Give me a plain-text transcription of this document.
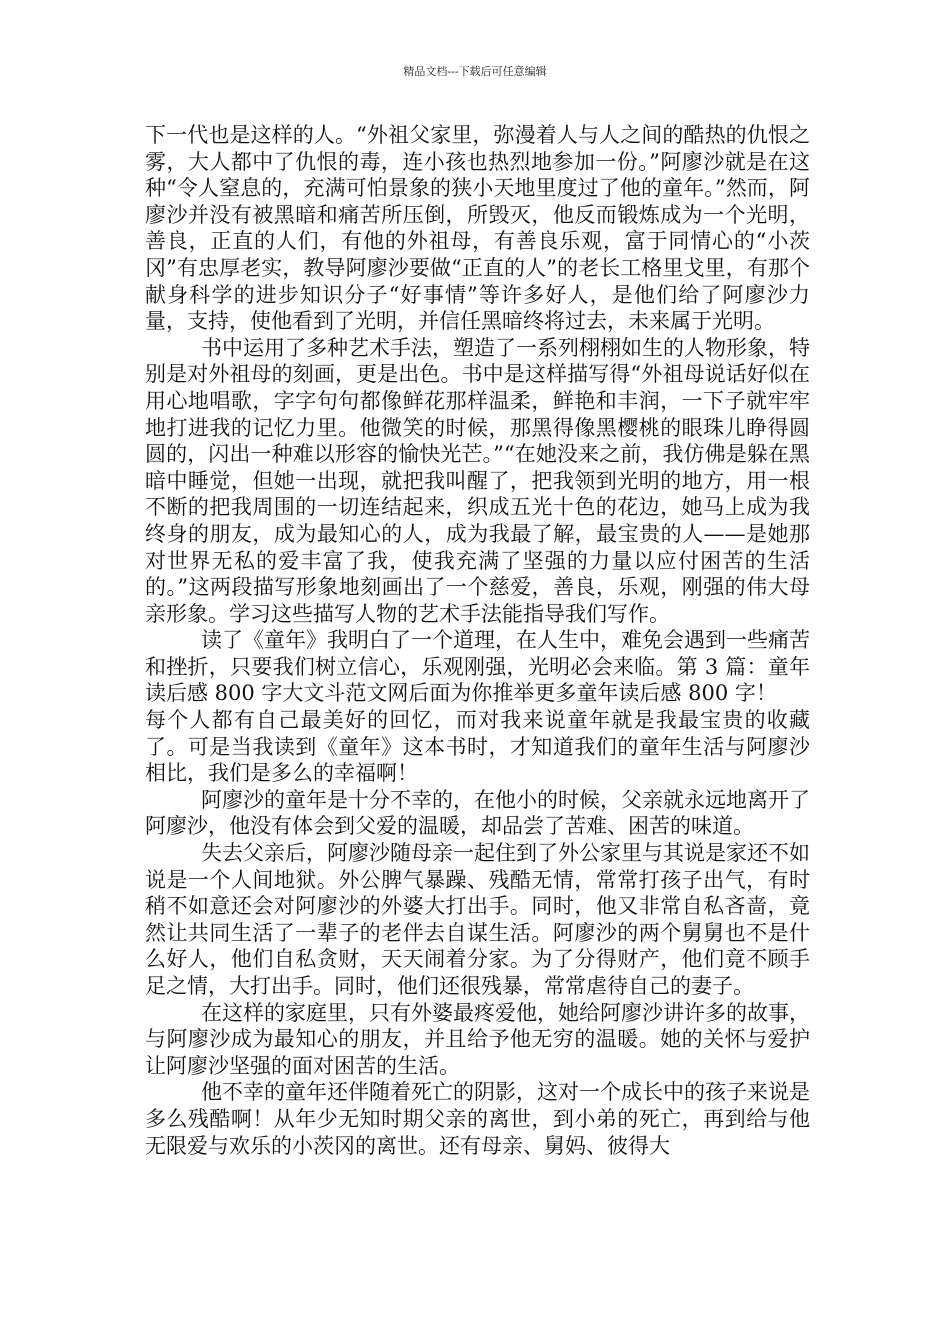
精品文档---下载后可任意编辑

下一代也是这样的人。“外祖父家里，弥漫着人与人之间的酷热的仇恨之雾，大人都中了仇恨的毒，连小孩也热烈地参加一份。”阿廖沙就是在这种“令人窒息的，充满可怕景象的狭小天地里度过了他的童年。”然而，阿廖沙并没有被黑暗和痛苦所压倒，所毁灭，他反而锻炼成为一个光明，善良，正直的人们，有他的外祖母，有善良乐观，富于同情心的“小茨冈”有忠厚老实，教导阿廖沙要做“正直的人”的老长工格里戈里，有那个献身科学的进步知识分子“好事情”等许多好人，是他们给了阿廖沙力量，支持，使他看到了光明，并信任黑暗终将过去，未来属于光明。

书中运用了多种艺术手法，塑造了一系列栩栩如生的人物形象，特别是对外祖母的刻画，更是出色。书中是这样描写得“外祖母说话好似在用心地唱歌，字字句句都像鲜花那样温柔，鲜艳和丰润，一下子就牢牢地打进我的记忆力里。他微笑的时候，那黑得像黑樱桃的眼珠儿睁得圆圆的，闪出一种难以形容的愉快光芒。”“在她没来之前，我仿佛是躲在黑暗中睡觉，但她一出现，就把我叫醒了，把我领到光明的地方，用一根不断的把我周围的一切连结起来，织成五光十色的花边，她马上成为我终身的朋友，成为最知心的人，成为我最了解，最宝贵的人——是她那对世界无私的爱丰富了我，使我充满了坚强的力量以应付困苦的生活的。”这两段描写形象地刻画出了一个慈爱，善良，乐观，刚强的伟大母亲形象。学习这些描写人物的艺术手法能指导我们写作。

读了《童年》我明白了一个道理，在人生中，难免会遇到一些痛苦和挫折，只要我们树立信心，乐观刚强，光明必会来临。第 3 篇：童年读后感 800 字大文斗范文网后面为你推举更多童年读后感 800 字！

每个人都有自己最美好的回忆，而对我来说童年就是我最宝贵的收藏了。可是当我读到《童年》这本书时，才知道我们的童年生活与阿廖沙相比，我们是多么的幸福啊！

阿廖沙的童年是十分不幸的，在他小的时候，父亲就永远地离开了阿廖沙，他没有体会到父爱的温暖，却品尝了苦难、困苦的味道。

失去父亲后，阿廖沙随母亲一起住到了外公家里与其说是家还不如说是一个人间地狱。外公脾气暴躁、残酷无情，常常打孩子出气，有时稍不如意还会对阿廖沙的外婆大打出手。同时，他又非常自私吝啬，竟然让共同生活了一辈子的老伴去自谋生活。阿廖沙的两个舅舅也不是什么好人，他们自私贪财，天天闹着分家。为了分得财产，他们竟不顾手足之情，大打出手。同时，他们还很残暴，常常虐待自己的妻子。

在这样的家庭里，只有外婆最疼爱他，她给阿廖沙讲许多的故事，与阿廖沙成为最知心的朋友，并且给予他无穷的温暖。她的关怀与爱护让阿廖沙坚强的面对困苦的生活。

他不幸的童年还伴随着死亡的阴影，这对一个成长中的孩子来说是多么残酷啊！从年少无知时期父亲的离世，到小弟的死亡，再到给与他无限爱与欢乐的小茨冈的离世。还有母亲、舅妈、彼得大
